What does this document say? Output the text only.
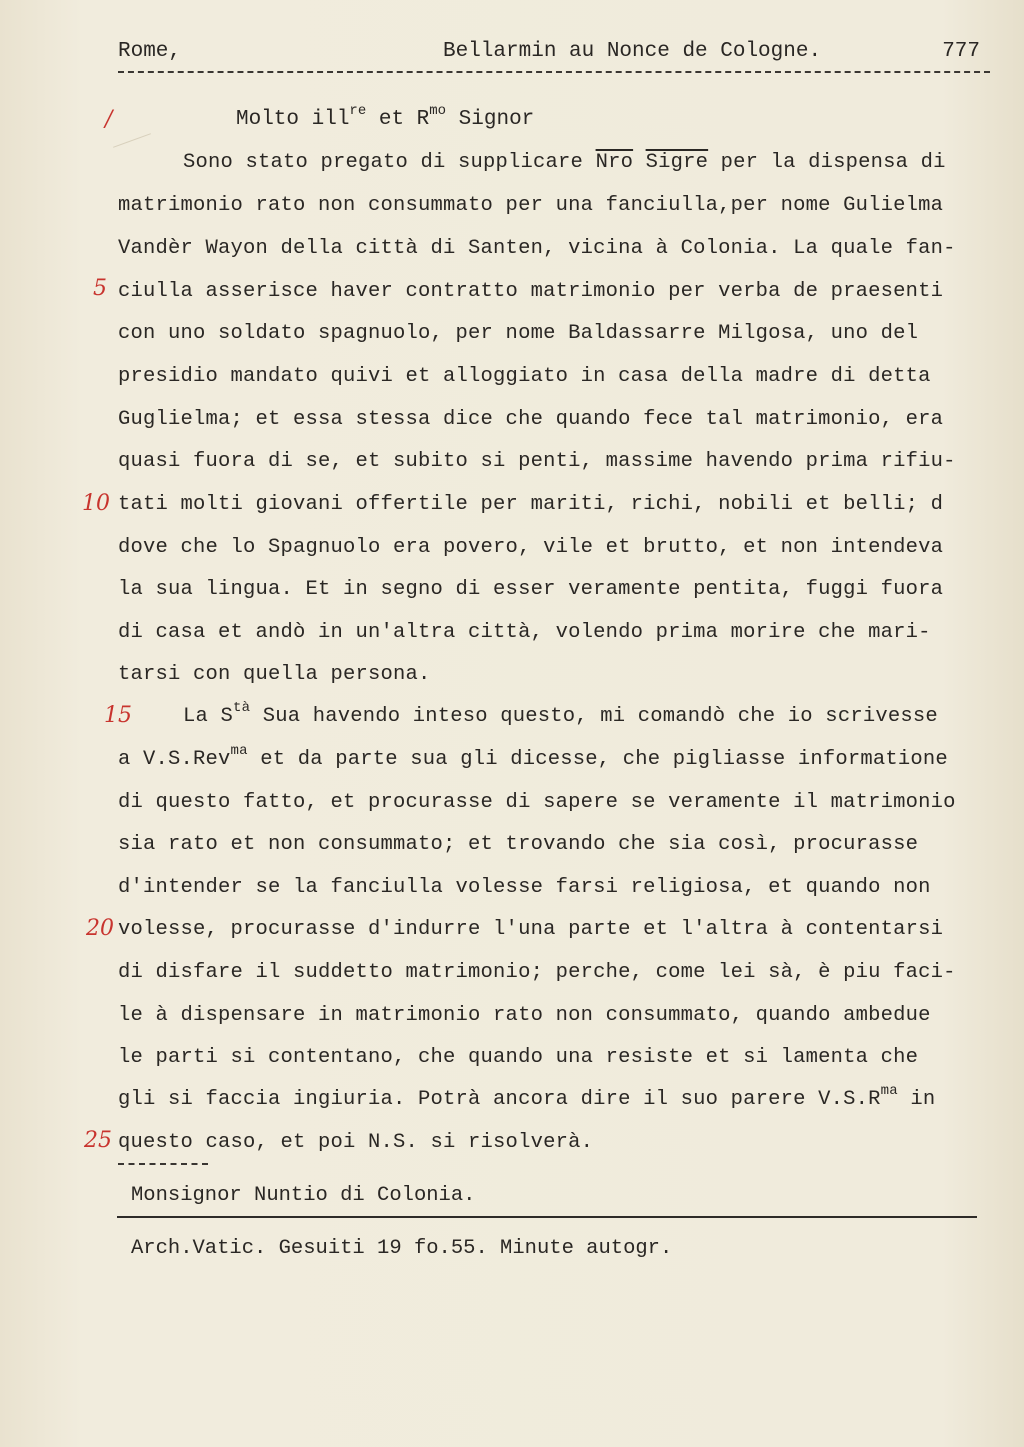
Rome,	Bellarmin au Nonce de Cologne.	777
Molto ill$^{re}$ et $R^{mo}$ Signor
Sono stato pregato di supplicare $\overline{Nro}$ Sigre per la dispensa di
matrimonio rato non consummato per una fanciulla,per nome Gulielma
Vandèr Wayon della città di Santen, vicina à Colonia. La quale fan-
ciulla asserisce haver contratto matrimonio per verba de praesenti
con uno soldato spagnuolo, per nome Baldassarre Milgosa, uno del
presidio mandato quivi et alloggiato in casa della madre di detta
Guglielma; et essa stessa dice che quando fece tal matrimonio, era
quasi fuora di se, et subito si penti, massime havendo prima rifiu-
tati molti giovani offertile per mariti, richi, nobili et belli; d
dove che lo Spagnuolo era povero, vile et brutto, et non intendeva
la sua lingua. Et in segno di esser veramente pentita, fuggi fuora
di casa et andò in un'altra città, volendo prima morire che mari-
tarsi con quella persona.
La $S^{tà}$ Sua havendo inteso questo, mi comandò che io scrivesse
a V.S.Rev$^{ma}$ et da parte sua gli dicesse, che pigliasse informatione
di questo fatto, et procurasse di sapere se veramente il matrimonio
sia rato et non consummato; et trovando che sia così, procurasse
d'intender se la fanciulla volesse farsi religiosa, et quando non
volesse, procurasse d'indurre l'una parte et l'altra à contentarsi
di disfare il suddetto matrimonio; perche, come lei sà, è piu faci-
le à dispensare in matrimonio rato non consummato, quando ambedue
le parti si contentano, che quando una resiste et si lamenta che
gli si faccia ingiuria. Potrà ancora dire il suo parere $V.S.R^{ma}$ in
questo caso, et poi N.S. si risolverà.
/
5
10
15
20
25
Monsignor Nuntio di Colonia.
Arch.Vatic. Gesuiti 19 fo.55. Minute autogr.
